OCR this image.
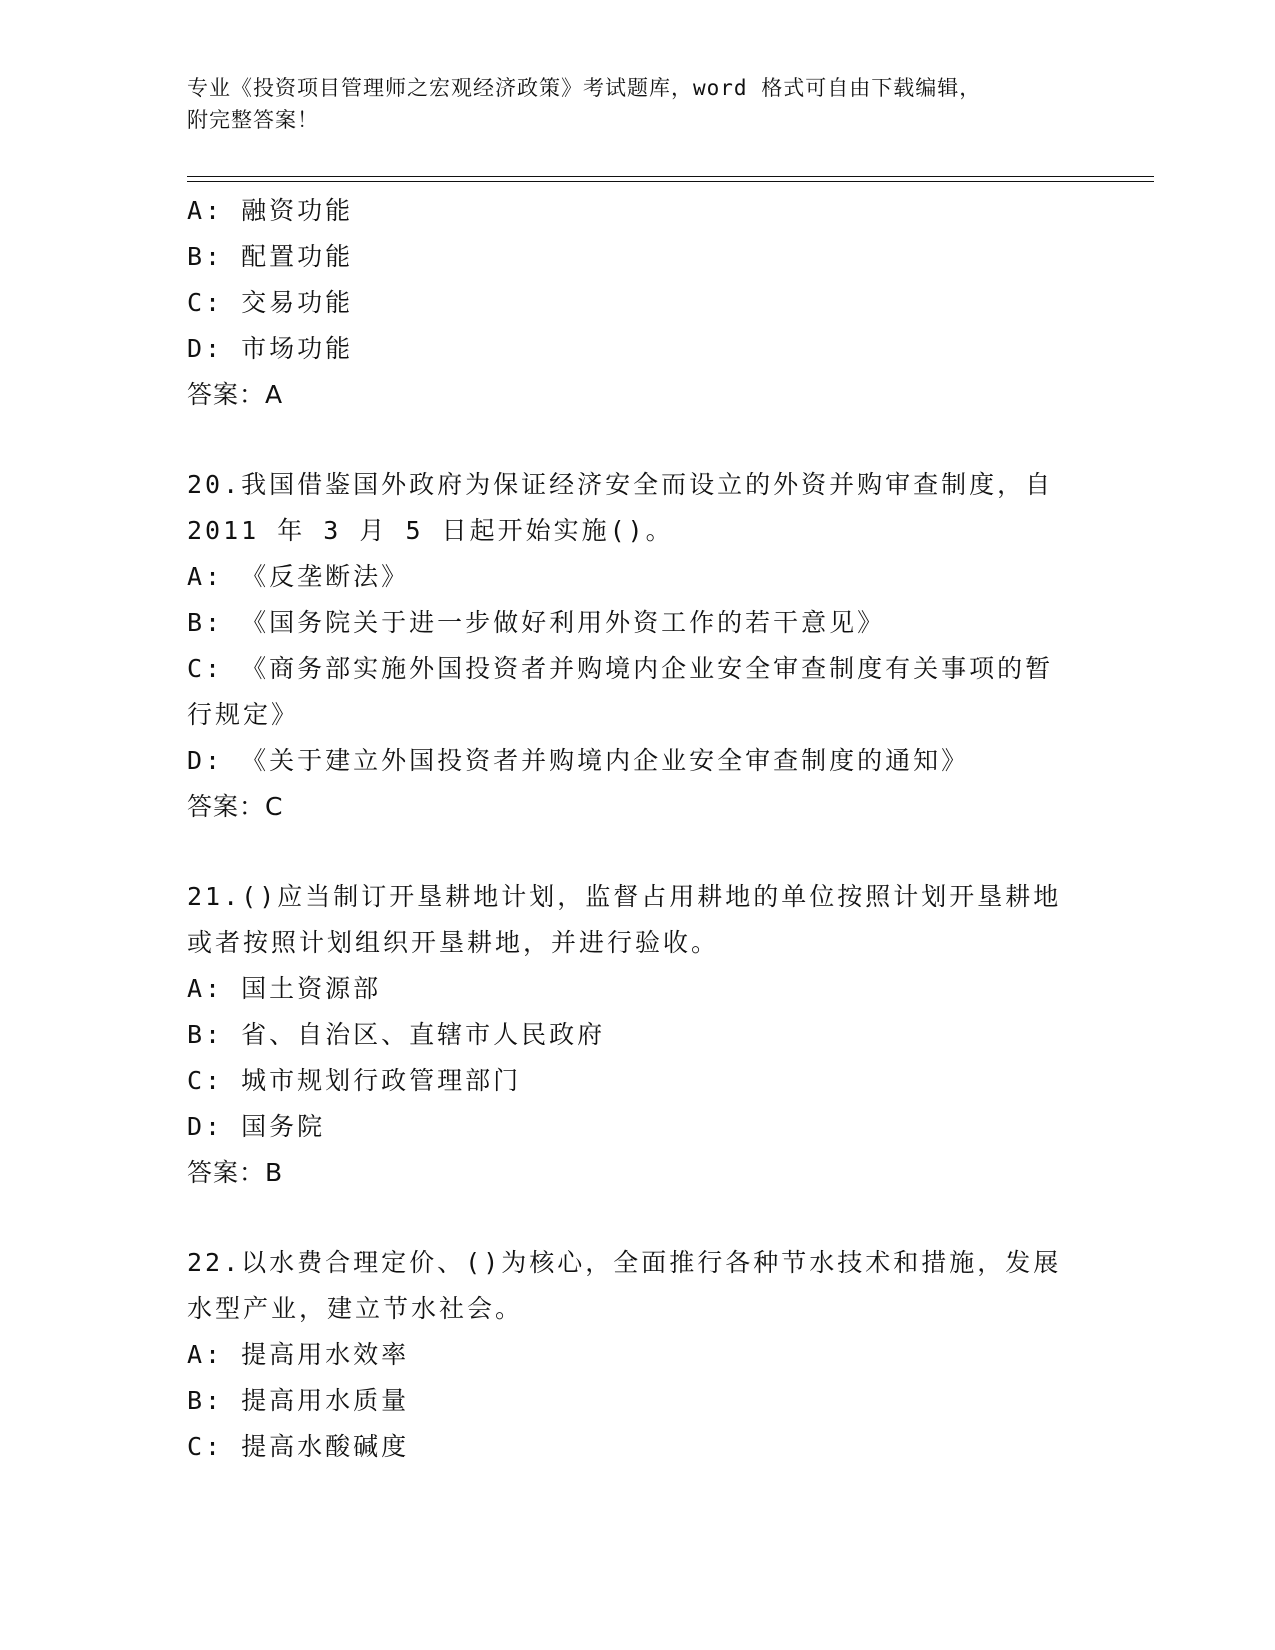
专业《投资项目管理师之宏观经济政策》考试题库，word 格式可自由下载编辑，
附完整答案！
A: 融资功能
B: 配置功能
C: 交易功能
D: 市场功能
答案：A
20.我国借鉴国外政府为保证经济安全而设立的外资并购审查制度，自
2011 年 3 月 5 日起开始实施()。
A: 《反垄断法》
B: 《国务院关于进一步做好利用外资工作的若干意见》
C: 《商务部实施外国投资者并购境内企业安全审查制度有关事项的暂
行规定》
D: 《关于建立外国投资者并购境内企业安全审查制度的通知》
答案：C
21.()应当制订开垦耕地计划，监督占用耕地的单位按照计划开垦耕地
或者按照计划组织开垦耕地，并进行验收。
A: 国土资源部
B: 省、自治区、直辖市人民政府
C: 城市规划行政管理部门
D: 国务院
答案：B
22.以水费合理定价、()为核心，全面推行各种节水技术和措施，发展
水型产业，建立节水社会。
A: 提高用水效率
B: 提高用水质量
C: 提高水酸碱度
